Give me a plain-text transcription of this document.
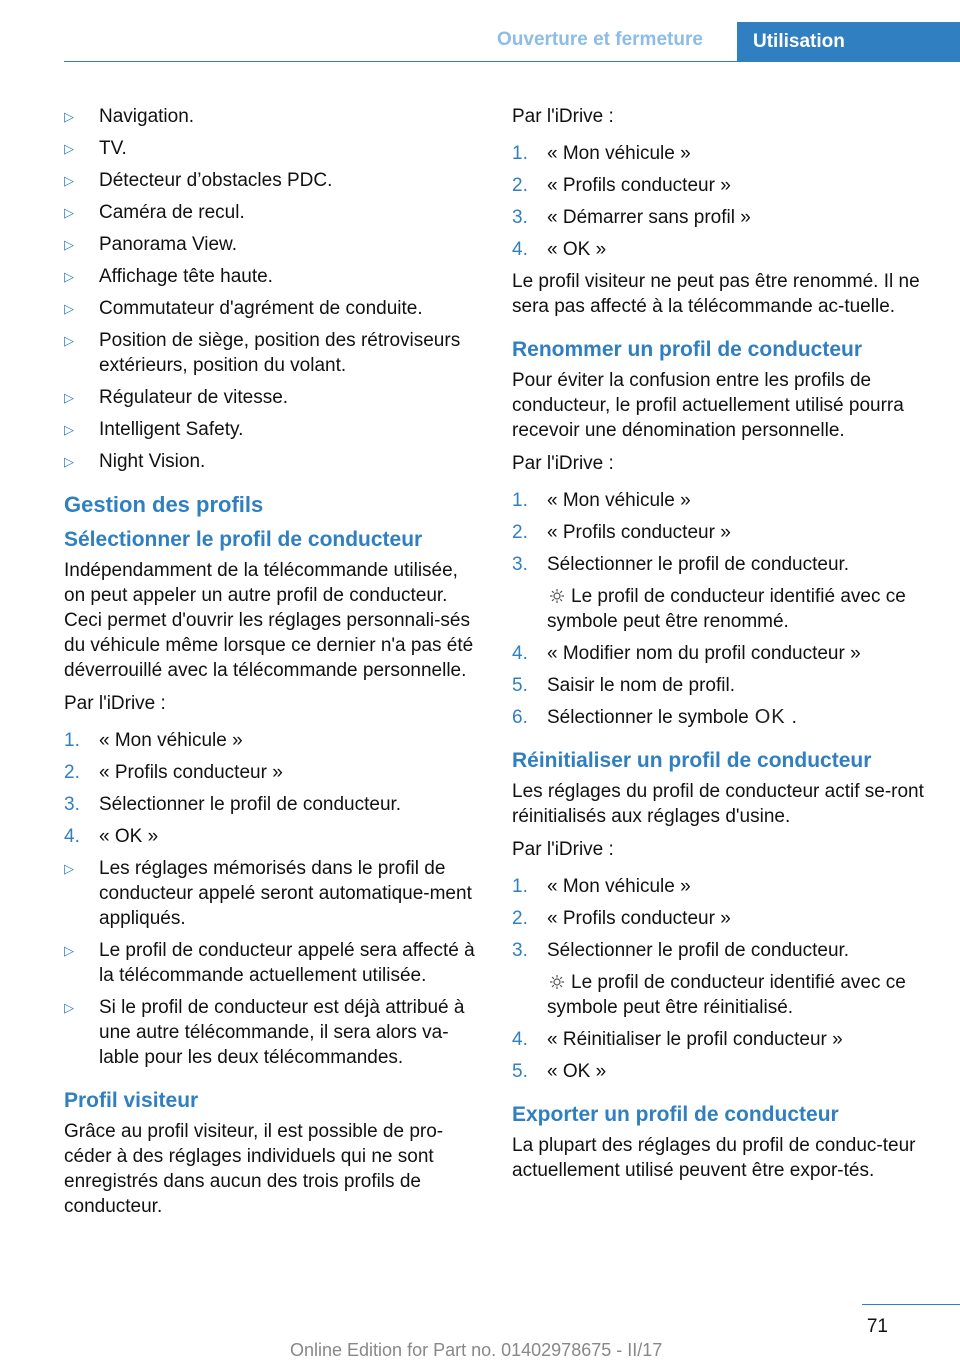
Ouverture et fermeture	Utilisation
▷ Navigation.
▷ TV.
▷ Détecteur d’obstacles PDC.
▷ Caméra de recul.
▷ Panorama View.
▷ Affichage tête haute.
▷ Commutateur d'agrément de conduite.
▷ Position de siège, position des rétroviseurs extérieurs, position du volant.
▷ Régulateur de vitesse.
▷ Intelligent Safety.
▷ Night Vision.
Gestion des profils
Sélectionner le profil de conducteur

Indépendamment de la télécommande utilisée, on peut appeler un autre profil de conducteur. Ceci permet d'ouvrir les réglages personnali-sés du véhicule même lorsque ce dernier n'a pas été déverrouillé avec la télécommande personnelle.

Par l'iDrive :

1. « Mon véhicule »
2. « Profils conducteur »
3. Sélectionner le profil de conducteur.
4. « OK »
▷ Les réglages mémorisés dans le profil de conducteur appelé seront automatique-ment appliqués.
▷ Le profil de conducteur appelé sera affecté à la télécommande actuellement utilisée.
▷ Si le profil de conducteur est déjà attribué à une autre télécommande, il sera alors va-lable pour les deux télécommandes.
Profil visiteur

Grâce au profil visiteur, il est possible de pro-céder à des réglages individuels qui ne sont enregistrés dans aucun des trois profils de conducteur.

Par l'iDrive :

1. « Mon véhicule »
2. « Profils conducteur »
3. « Démarrer sans profil »
4. « OK »

Le profil visiteur ne peut pas être renommé. Il ne sera pas affecté à la télécommande ac-tuelle.

Renommer un profil de conducteur

Pour éviter la confusion entre les profils de conducteur, le profil actuellement utilisé pourra recevoir une dénomination personnelle.

Par l'iDrive :

1. « Mon véhicule »
2. « Profils conducteur »
3. Sélectionner le profil de conducteur.
Le profil de conducteur identifié avec ce symbole peut être renommé.
4. « Modifier nom du profil conducteur »
5. Saisir le nom de profil.
6. Sélectionner le symbole OK .
Réinitialiser un profil de conducteur

Les réglages du profil de conducteur actif se-ront réinitialisés aux réglages d'usine.

Par l'iDrive :

1. « Mon véhicule »
2. « Profils conducteur »
3. Sélectionner le profil de conducteur.
Le profil de conducteur identifié avec ce symbole peut être réinitialisé.
4. « Réinitialiser le profil conducteur »
5. « OK »
Exporter un profil de conducteur

La plupart des réglages du profil de conduc-teur actuellement utilisé peuvent être expor-tés.

71
Online Edition for Part no. 01402978675 - II/17
